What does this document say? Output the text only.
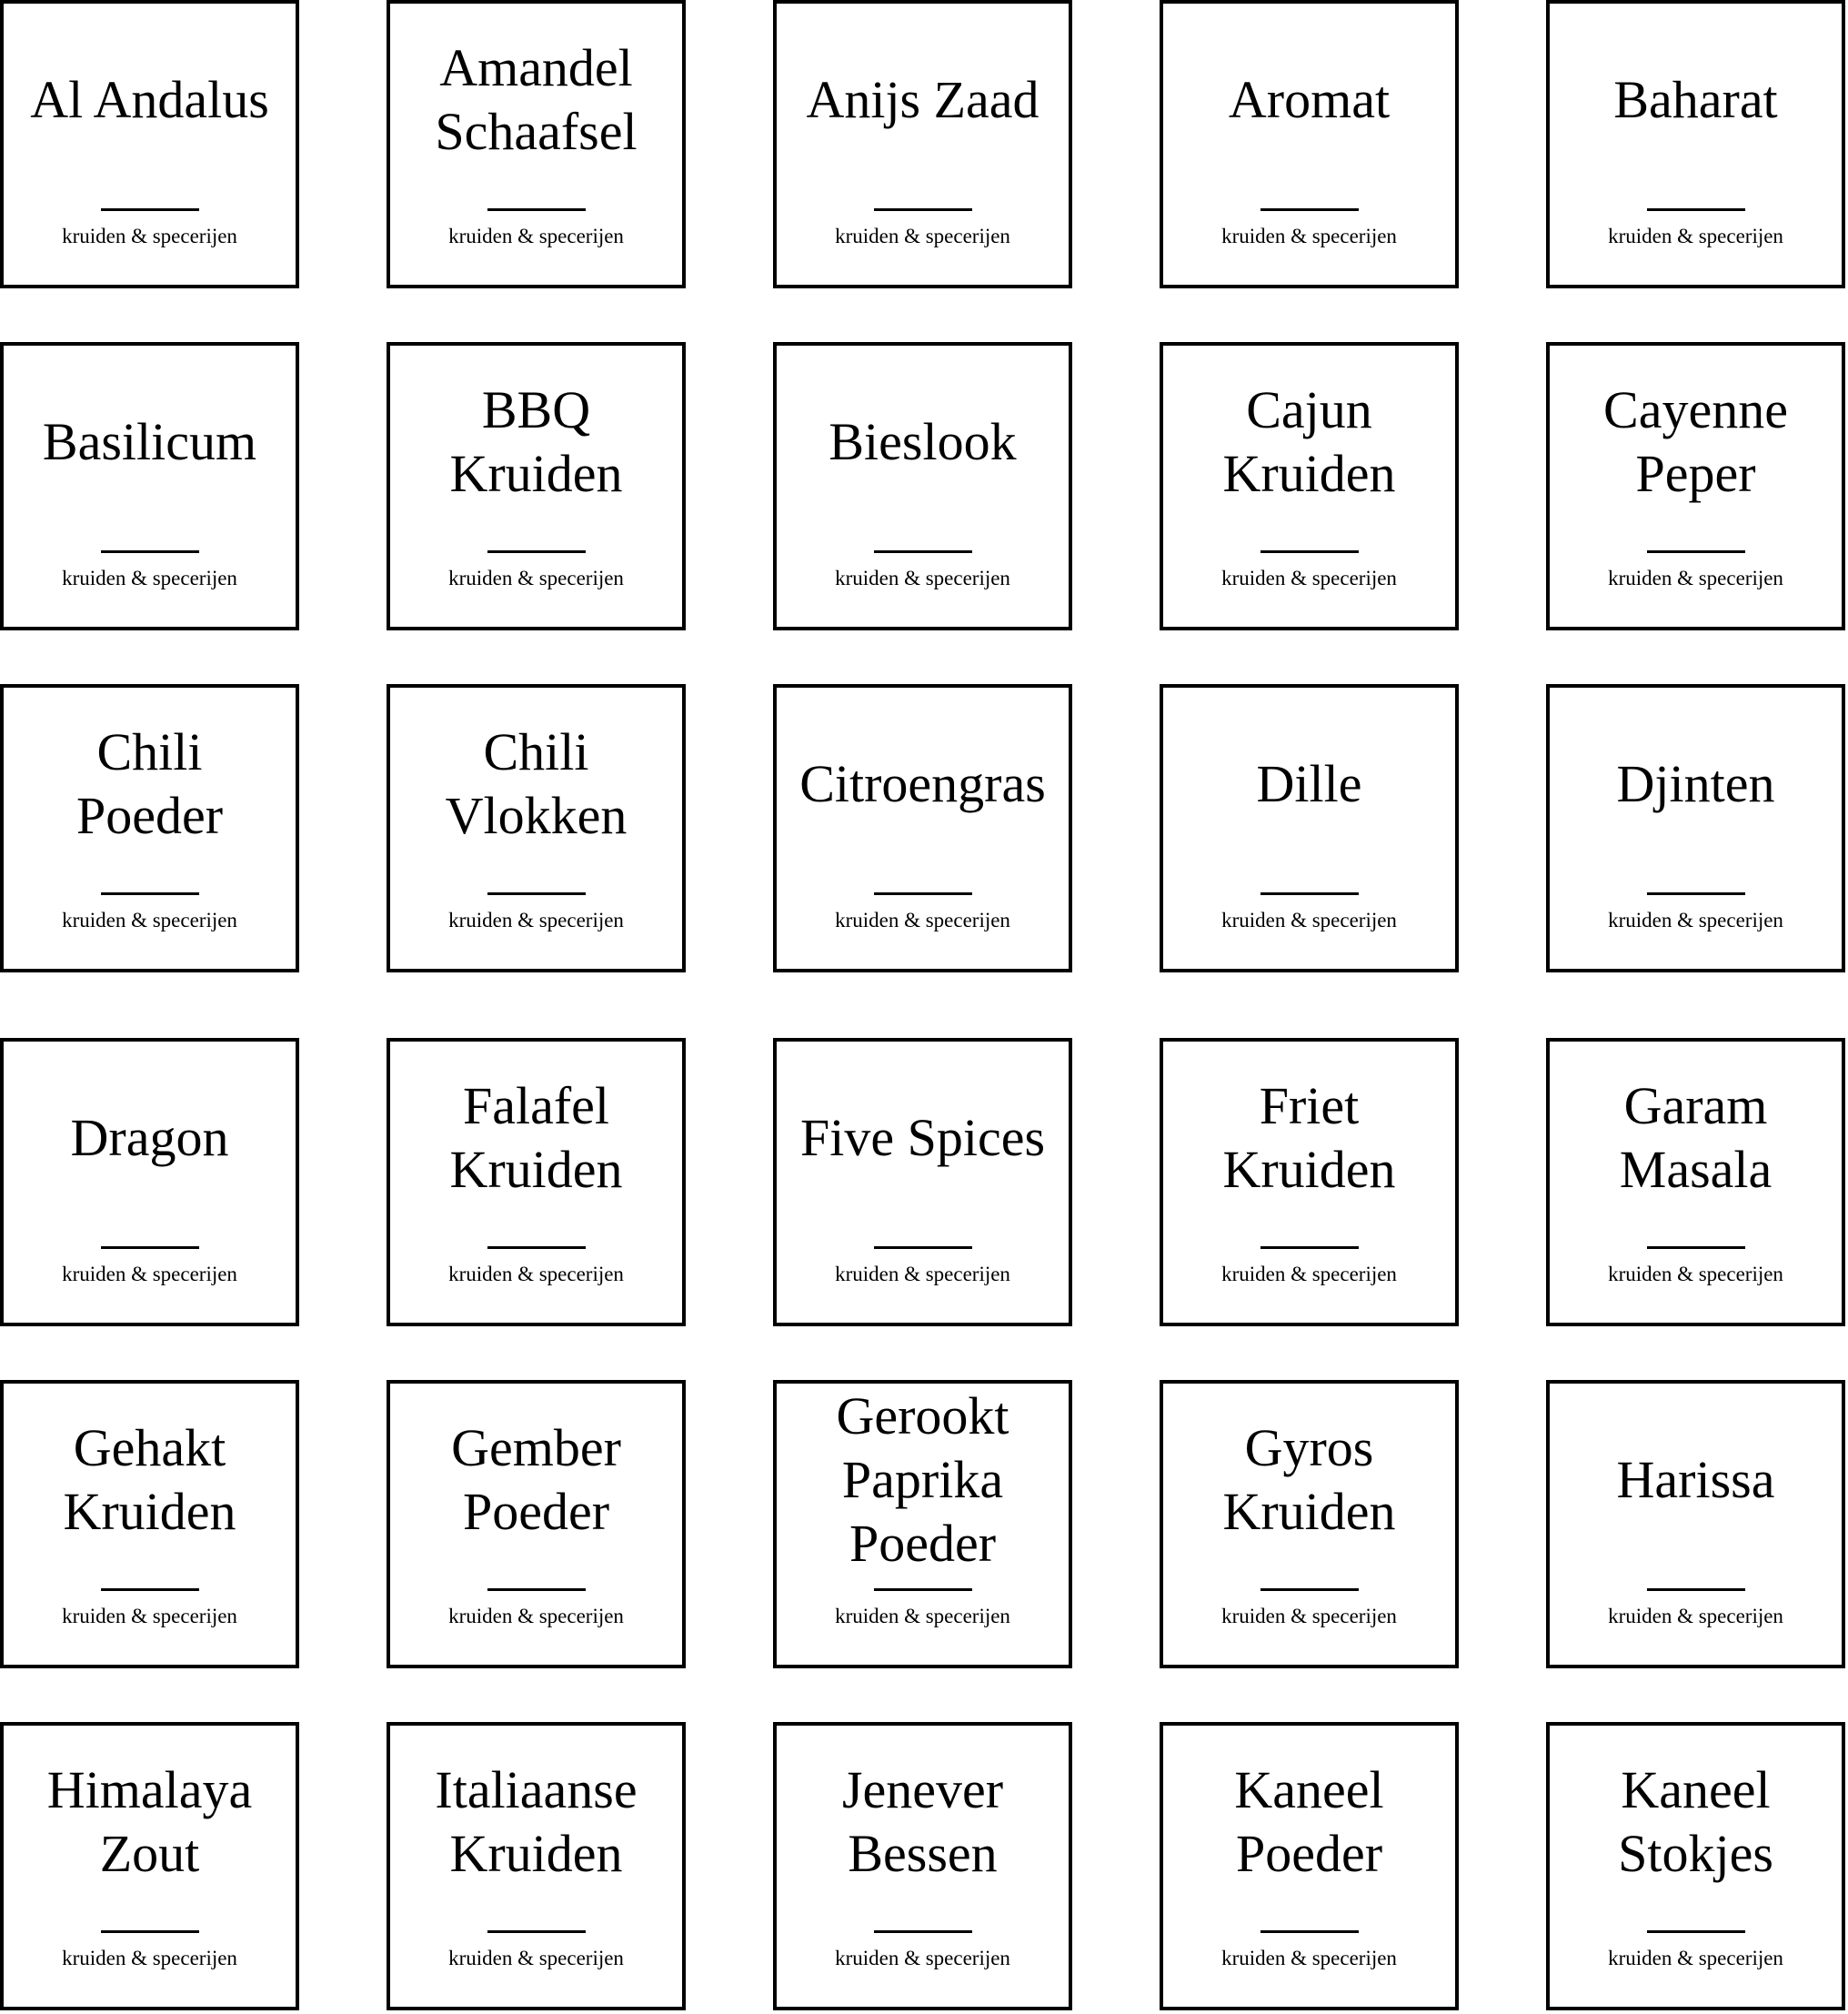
Al Andalus
kruiden & specerijen
Amandel
Schaafsel
kruiden & specerijen
Anijs Zaad
kruiden & specerijen
Aromat
kruiden & specerijen
Baharat
kruiden & specerijen
Basilicum
kruiden & specerijen
BBQ
Kruiden
kruiden & specerijen
Bieslook
kruiden & specerijen
Cajun
Kruiden
kruiden & specerijen
Cayenne
Peper
kruiden & specerijen
Chili
Poeder
kruiden & specerijen
Chili
Vlokken
kruiden & specerijen
Citroengras
kruiden & specerijen
Dille
kruiden & specerijen
Djinten
kruiden & specerijen
Dragon
kruiden & specerijen
Falafel
Kruiden
kruiden & specerijen
Five Spices
kruiden & specerijen
Friet
Kruiden
kruiden & specerijen
Garam
Masala
kruiden & specerijen
Gehakt
Kruiden
kruiden & specerijen
Gember
Poeder
kruiden & specerijen
Gerookt
Paprika
Poeder
kruiden & specerijen
Gyros
Kruiden
kruiden & specerijen
Harissa
kruiden & specerijen
Himalaya
Zout
kruiden & specerijen
Italiaanse
Kruiden
kruiden & specerijen
Jenever
Bessen
kruiden & specerijen
Kaneel
Poeder
kruiden & specerijen
Kaneel
Stokjes
kruiden & specerijen
